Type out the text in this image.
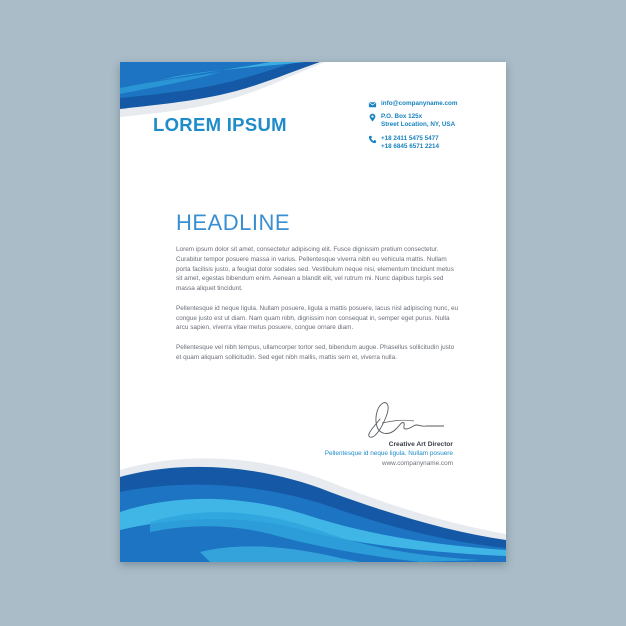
LOREM IPSUM
info@companyname.com
P.O. Box 125x
Street Location, NY, USA
+18 2411 5475 5477
+18 6845 6571 2214
HEADLINE

Lorem ipsum dolor sit amet, consectetur adipiscing elit. Fusce dignissim pretium consectetur. Curabitur tempor posuere massa in varius. Pellentesque viverra nibh eu vehicula mattis. Nullam porta facilisis justo, a feugiat dolor sodales sed. Vestibulum neque nisi, elementum tincidunt metus sit amet, egestas bibendum enim. Aenean a blandit elit, vel rutrum mi. Nunc dapibus turpis sed massa aliquet tincidunt.

Pellentesque id neque ligula. Nullam posuere, ligula a mattis posuere, lacus nisl adipiscing nunc, eu congue justo est ut diam. Nam quam nibh, dignissim non consequat in, semper eget purus. Nulla arcu sapien, viverra vitae metus posuere, congue ornare diam.

Pellentesque vel nibh tempus, ullamcorper tortor sed, bibendum augue. Phasellus sollicitudin justo et quam aliquam sollicitudin. Sed eget nibh mallis, mattis sem et, viverra nulla.

Creative Art Director
Pellentesque id neque ligula. Nullam posuere
www.companyname.com
